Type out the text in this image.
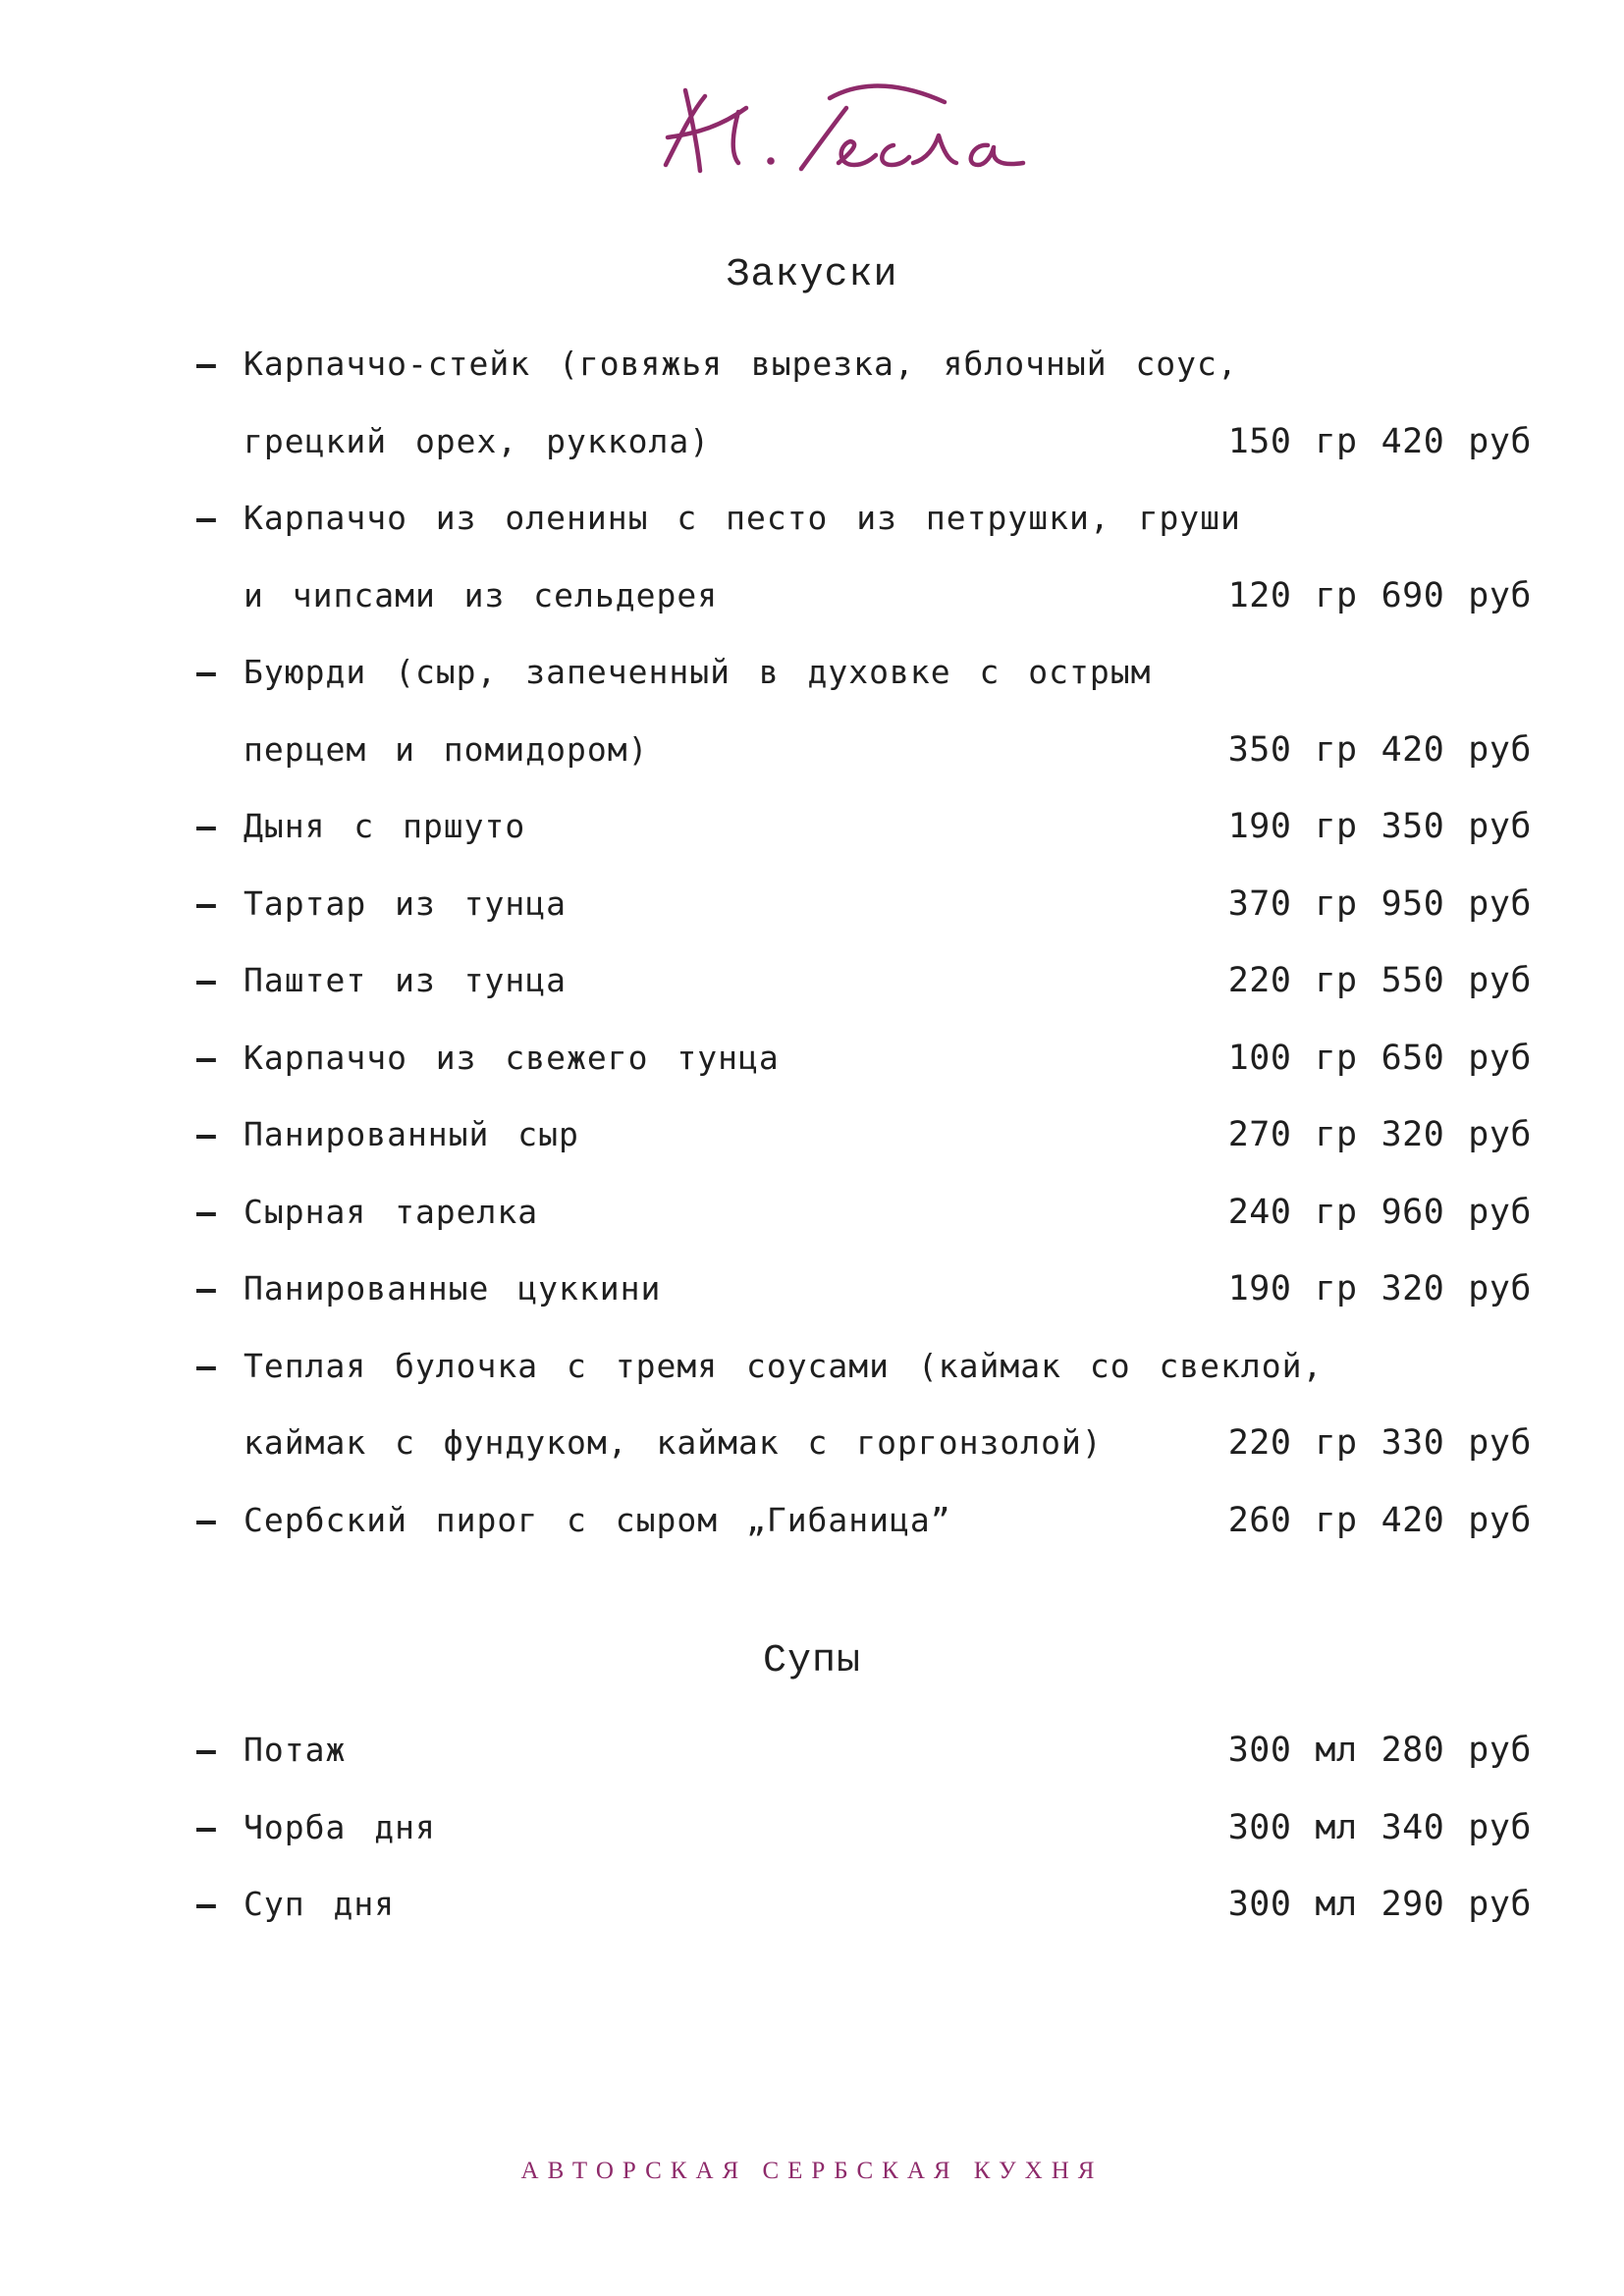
Закуски
– Карпаччо-стейк (говяжья вырезка, яблочный соус,
грецкий орех, руккола)	150 гр 420 руб
– Карпаччо из оленины с песто из петрушки, груши
и чипсами из сельдерея	120 гр 690 руб
– Буюрди (сыр, запеченный в духовке с острым
перцем и помидором)	350 гр 420 руб
– Дыня с пршуто	190 гр 350 руб
– Тартар из тунца	370 гр 950 руб
– Паштет из тунца	220 гр 550 руб
– Карпаччо из свежего тунца	100 гр 650 руб
– Панированный сыр	270 гр 320 руб
– Сырная тарелка	240 гр 960 руб
– Панированные цуккини	190 гр 320 руб
– Теплая булочка с тремя соусами (каймак со свеклой,
каймак с фундуком, каймак с горгонзолой)	220 гр 330 руб
– Сербский пирог с сыром „Гибаница”	260 гр 420 руб
Супы
– Потаж	300 мл 280 руб
– Чорба дня	300 мл 340 руб
– Суп дня	300 мл 290 руб
АВТОРСКАЯ СЕРБСКАЯ КУХНЯ
